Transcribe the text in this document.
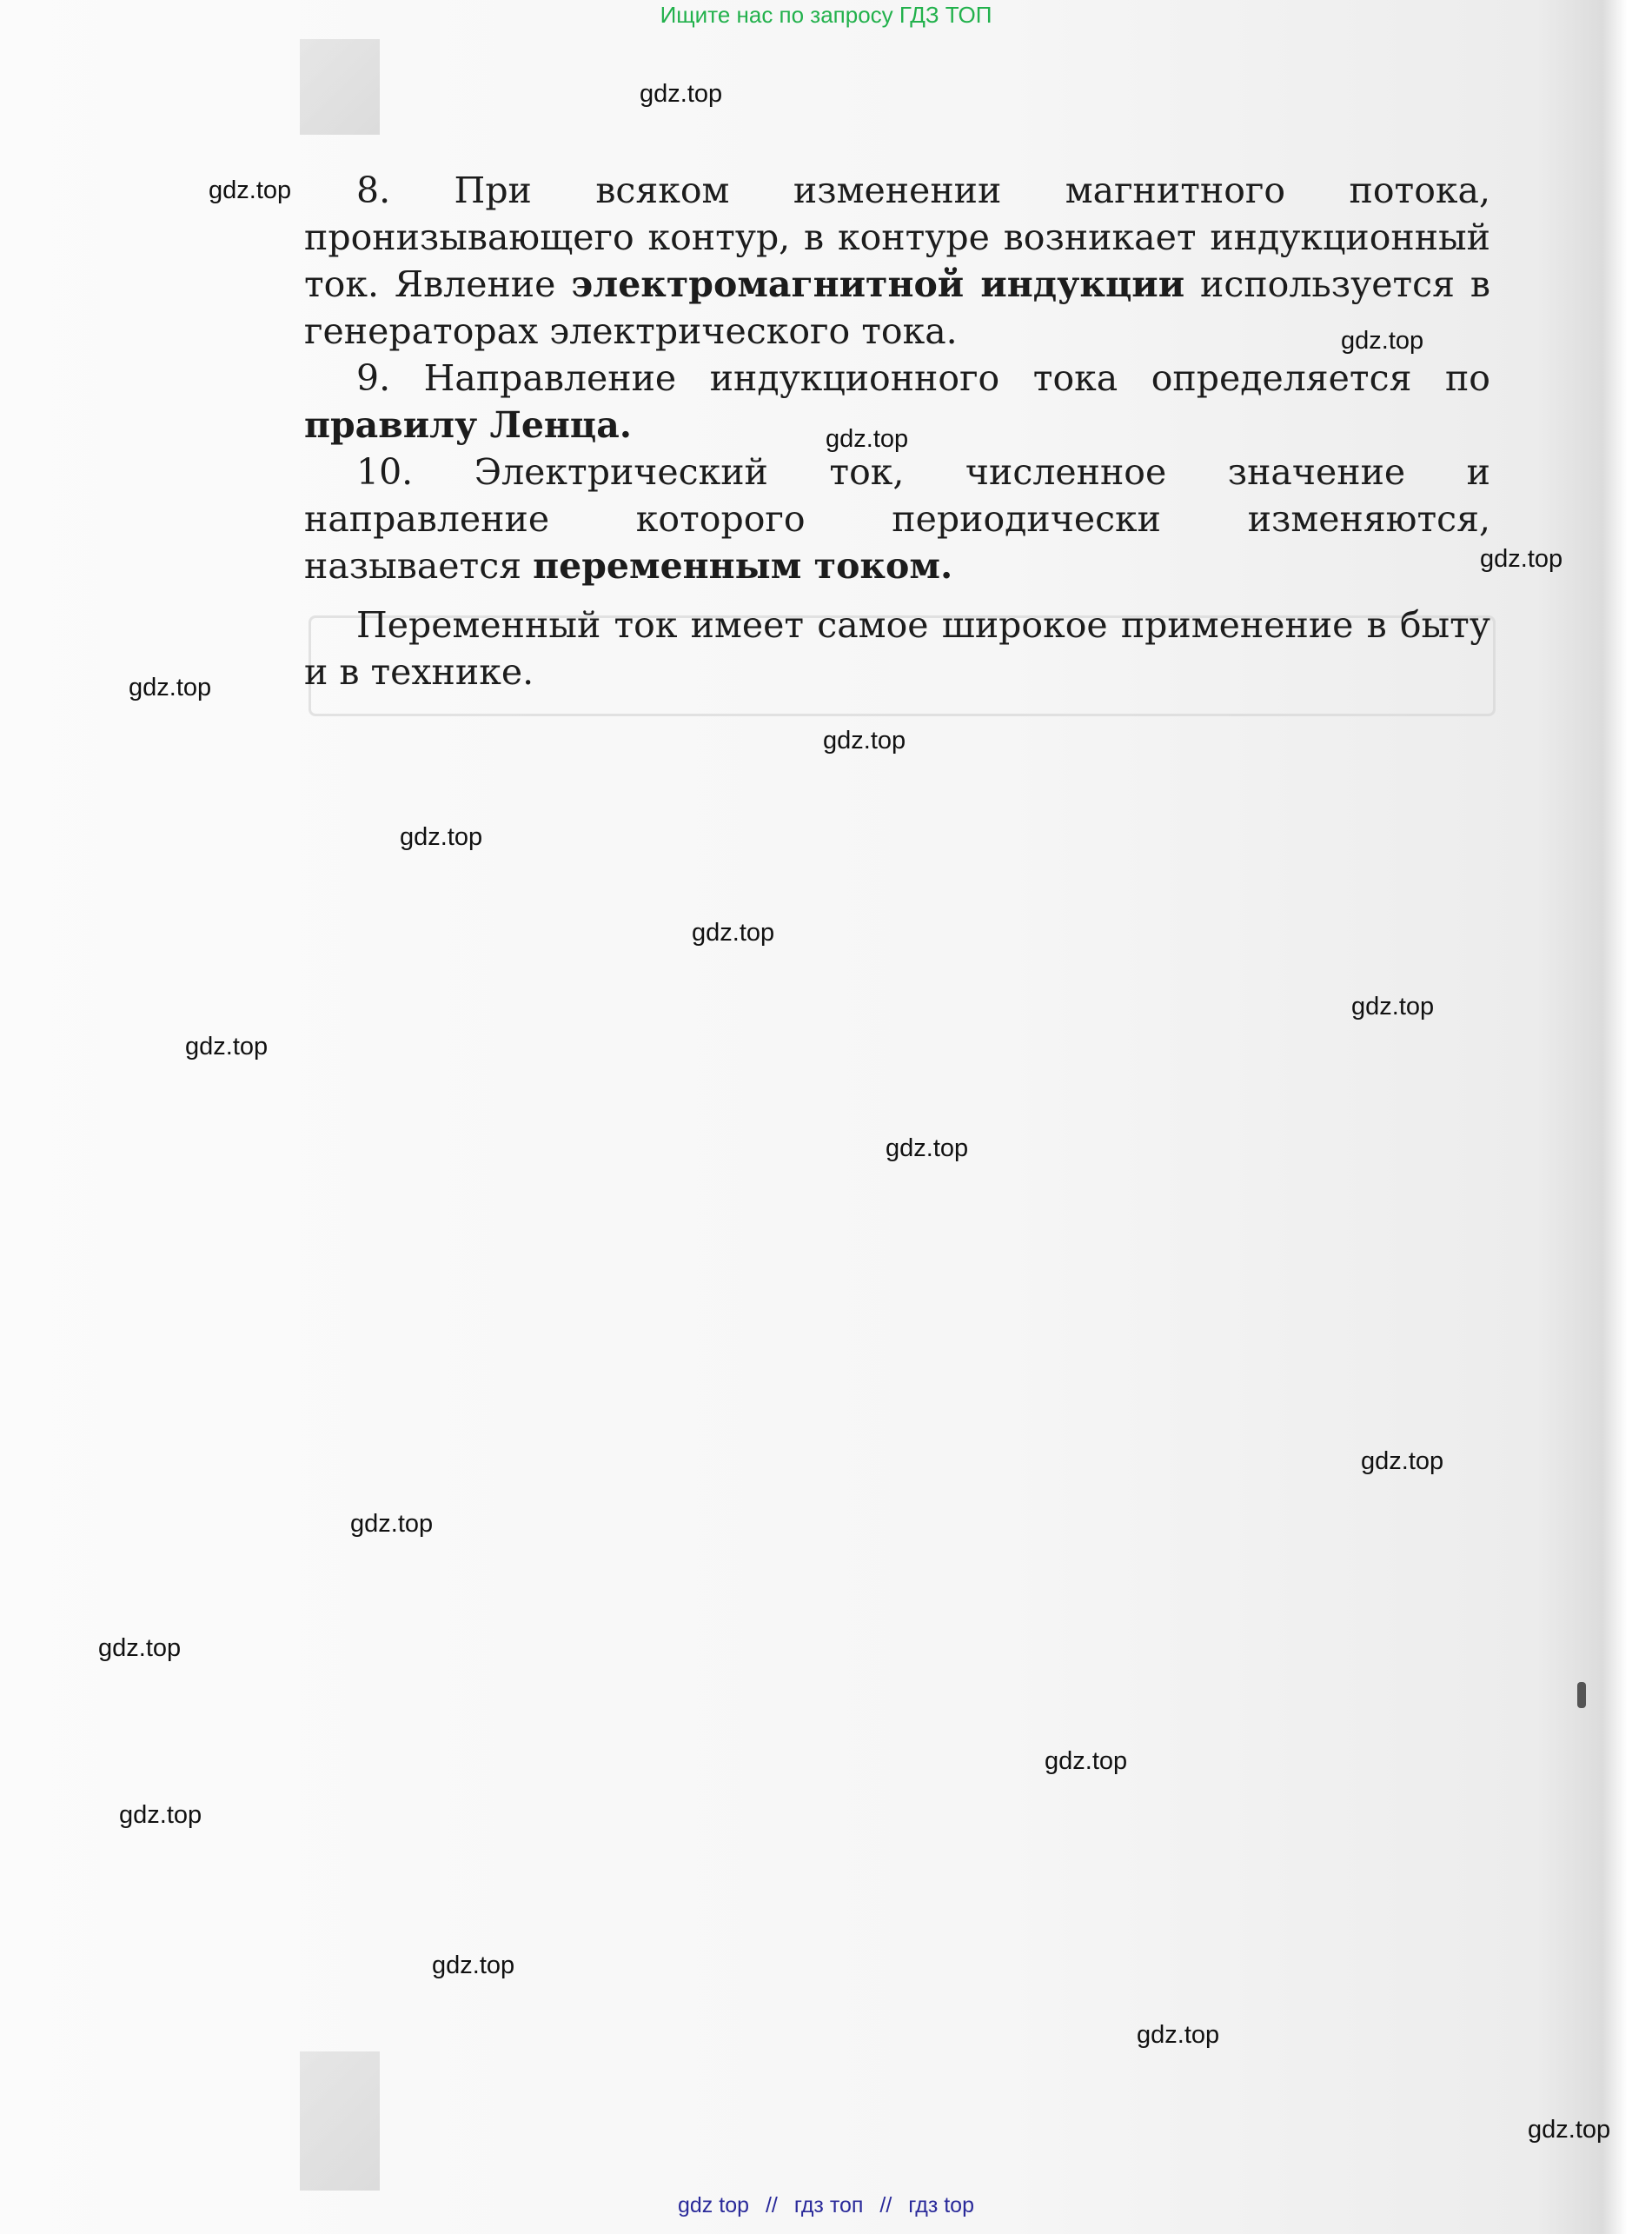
Ищите нас по запросу ГДЗ ТОП

8. При всяком изменении магнитного потока, пронизывающего контур, в контуре возникает индукционный ток. Явление электромагнитной индукции используется в генераторах электрического тока.

9. Направление индукционного тока определяется по правилу Ленца.

10. Электрический ток, численное значение и направление которого периодически изменяются, называется переменным током.

Переменный ток имеет самое широкое применение в быту и в технике.

gdz.top
gdz.top
gdz.top
gdz.top
gdz.top
gdz.top
gdz.top
gdz.top
gdz.top
gdz.top
gdz.top
gdz.top
gdz.top
gdz.top
gdz.top
gdz.top
gdz.top
gdz.top
gdz.top
gdz.top
gdz top // гдз топ // гдз top
